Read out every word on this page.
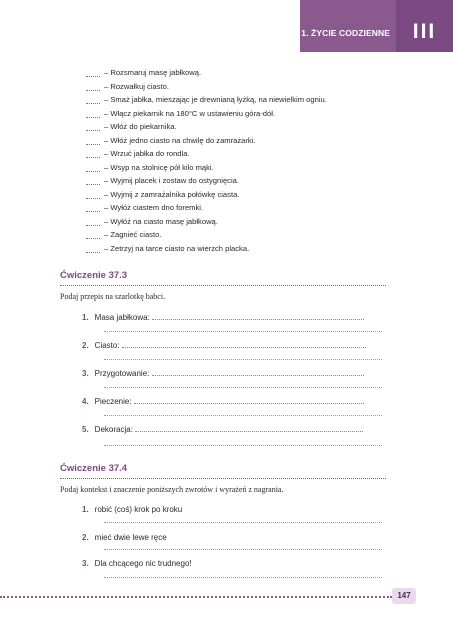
1. ŻYCIE CODZIENNE	III
– Rozsmaruj masę jabłkową.
– Rozwałkuj ciasto.
– Smaż jabłka, mieszając je drewnianą łyżką, na niewielkim ogniu.
– Włącz piekarnik na 180°C w ustawieniu góra-dół.
– Włóż do piekarnika.
– Włóż jedno ciasto na chwilę do zamrażarki.
– Wrzuć jabłka do rondla.
– Wsyp na stolnicę pół kilo mąki.
– Wyjmij placek i zostaw do ostygnięcia.
– Wyjmij z zamrażalnika połówkę ciasta.
– Wyłóż ciastem dno foremki.
– Wyłóż na ciasto masę jabłkową.
– Zagnieć ciasto.
– Zetrzyj na tarce ciasto na wierzch placka.
Ćwiczenie 37.3
Podaj przepis na szarlotkę babci.
1. Masa jabłkowa:
2. Ciasto:
3. Przygotowanie:
4. Pieczenie:
5. Dekoracja:
Ćwiczenie 37.4
Podaj kontekst i znaczenie poniższych zwrotów i wyrażeń z nagrania.
1. robić (coś) krok po kroku
2. mieć dwie lewe ręce
3. Dla chcącego nic trudnego!
147
